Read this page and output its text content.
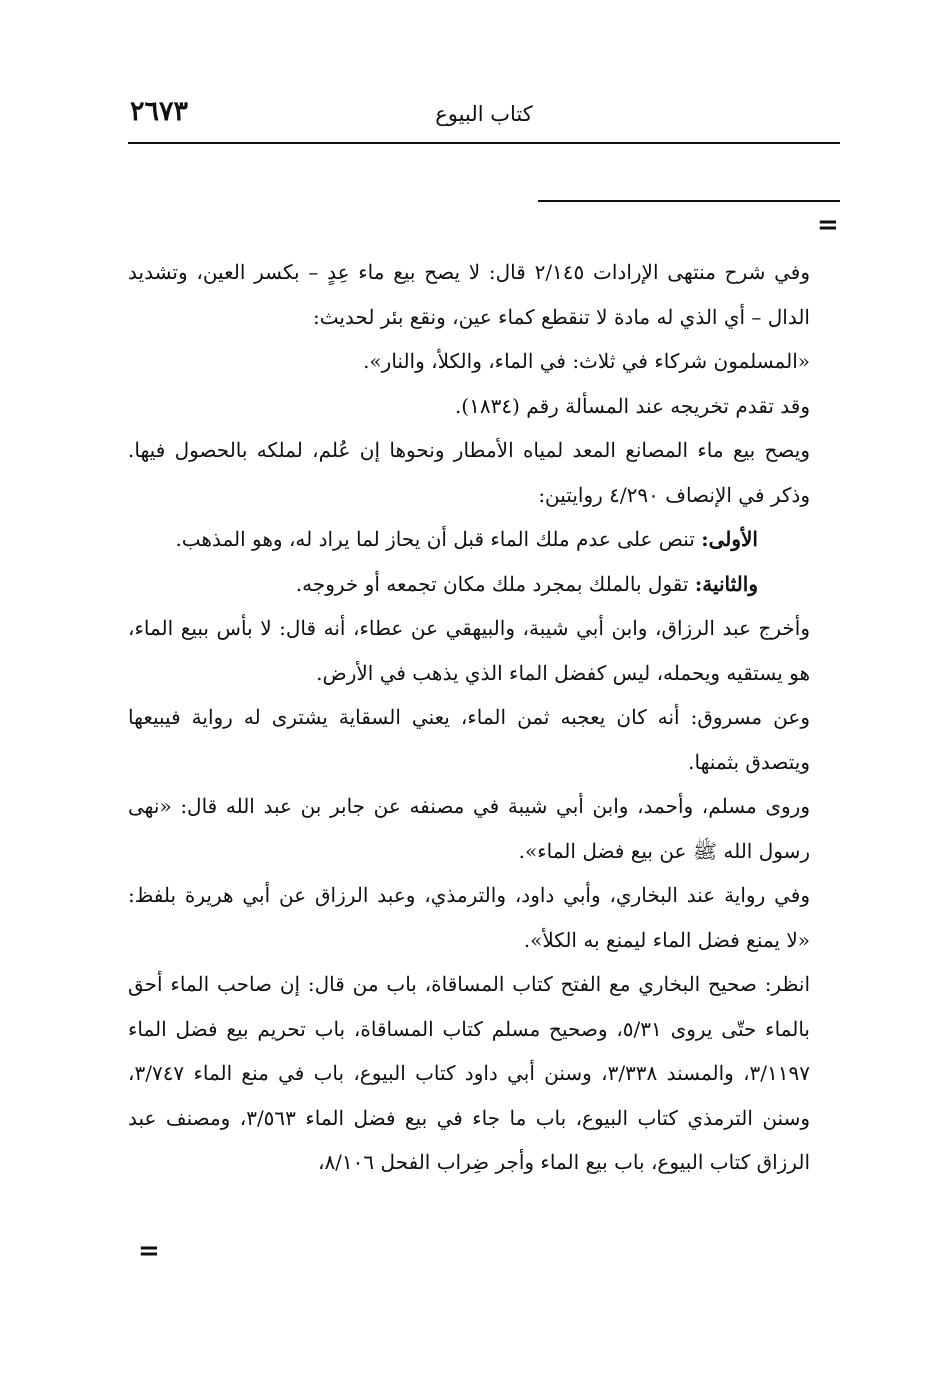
٢٦٧٣	كتاب البيوع
=

وفي شرح منتهى الإرادات ٢/١٤٥ قال: لا يصح بيع ماء عِدٍ – بكسر العين، وتشديد الدال – أي الذي له مادة لا تنقطع كماء عين، ونقع بئر لحديث:

«المسلمون شركاء في ثلاث: في الماء، والكلأ، والنار».

وقد تقدم تخريجه عند المسألة رقم (١٨٣٤).

ويصح بيع ماء المصانع المعد لمياه الأمطار ونحوها إن عُلم، لملكه بالحصول فيها. وذكر في الإنصاف ٤/٢٩٠ روايتين:

الأولى: تنص على عدم ملك الماء قبل أن يحاز لما يراد له، وهو المذهب.

والثانية: تقول بالملك بمجرد ملك مكان تجمعه أو خروجه.

وأخرج عبد الرزاق، وابن أبي شيبة، والبيهقي عن عطاء، أنه قال: لا بأس ببيع الماء، هو يستقيه ويحمله، ليس كفضل الماء الذي يذهب في الأرض.

وعن مسروق: أنه كان يعجبه ثمن الماء، يعني السقاية يشترى له رواية فيبيعها ويتصدق بثمنها.

وروى مسلم، وأحمد، وابن أبي شيبة في مصنفه عن جابر بن عبد الله قال: «نهى رسول الله ﷺ عن بيع فضل الماء».

وفي رواية عند البخاري، وأبي داود، والترمذي، وعبد الرزاق عن أبي هريرة بلفظ: «لا يمنع فضل الماء ليمنع به الكلأ».

انظر: صحيح البخاري مع الفتح كتاب المساقاة، باب من قال: إن صاحب الماء أحق بالماء حتّى يروى ٥/٣١، وصحيح مسلم كتاب المساقاة، باب تحريم بيع فضل الماء ٣/١١٩٧، والمسند ٣/٣٣٨، وسنن أبي داود كتاب البيوع، باب في منع الماء ٣/٧٤٧، وسنن الترمذي كتاب البيوع، باب ما جاء في بيع فضل الماء ٣/٥٦٣، ومصنف عبد الرزاق كتاب البيوع، باب بيع الماء وأجر ضِراب الفحل ٨/١٠٦،

=
